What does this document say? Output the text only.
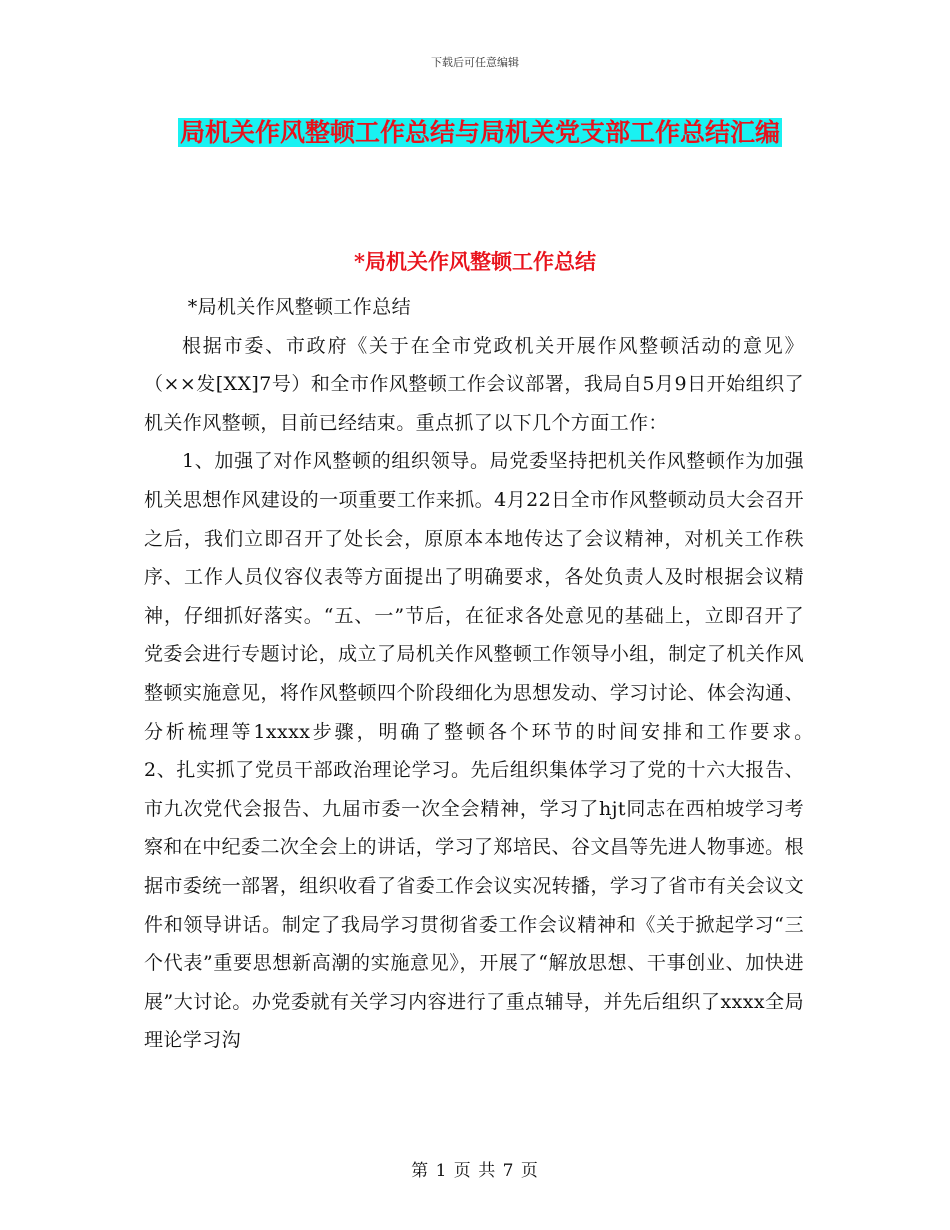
下载后可任意编辑
局机关作风整顿工作总结与局机关党支部工作总结汇编
*局机关作风整顿工作总结

*局机关作风整顿工作总结

根据市委、市政府《关于在全市党政机关开展作风整顿活动的意见》（××发[XX]7号）和全市作风整顿工作会议部署，我局自5月9日开始组织了机关作风整顿，目前已经结束。重点抓了以下几个方面工作：

1、加强了对作风整顿的组织领导。局党委坚持把机关作风整顿作为加强机关思想作风建设的一项重要工作来抓。4月22日全市作风整顿动员大会召开之后，我们立即召开了处长会，原原本本地传达了会议精神，对机关工作秩序、工作人员仪容仪表等方面提出了明确要求，各处负责人及时根据会议精神，仔细抓好落实。“五、一”节后，在征求各处意见的基础上，立即召开了党委会进行专题讨论，成立了局机关作风整顿工作领导小组，制定了机关作风整顿实施意见，将作风整顿四个阶段细化为思想发动、学习讨论、体会沟通、分析梳理等1xxxx步骤，明确了整顿各个环节的时间安排和工作要求。　　2、扎实抓了党员干部政治理论学习。先后组织集体学习了党的十六大报告、市九次党代会报告、九届市委一次全会精神，学习了hjt同志在西柏坡学习考察和在中纪委二次全会上的讲话，学习了郑培民、谷文昌等先进人物事迹。根据市委统一部署，组织收看了省委工作会议实况转播，学习了省市有关会议文件和领导讲话。制定了我局学习贯彻省委工作会议精神和《关于掀起学习“三个代表”重要思想新高潮的实施意见》，开展了“解放思想、干事创业、加快进展”大讨论。办党委就有关学习内容进行了重点辅导，并先后组织了xxxx全局理论学习沟

第 1 页 共 7 页
